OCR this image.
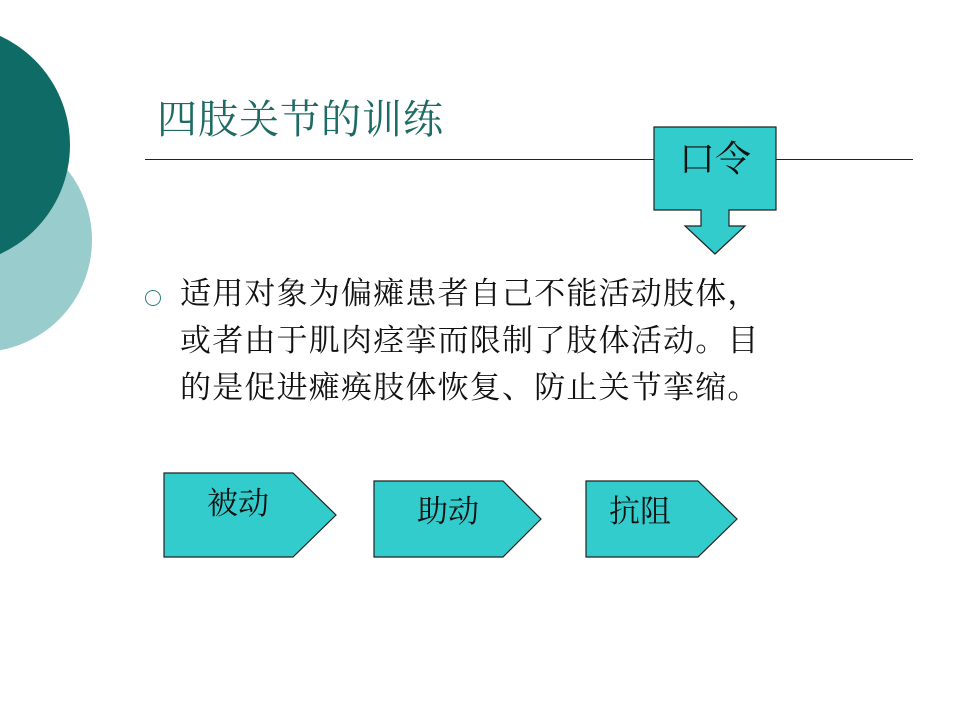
四肢关节的训练
口令
适用对象为偏瘫患者自己不能活动肢体，
或者由于肌肉痉挛而限制了肢体活动。目
的是促进瘫痪肢体恢复、防止关节挛缩。
被动	助动	抗阻
